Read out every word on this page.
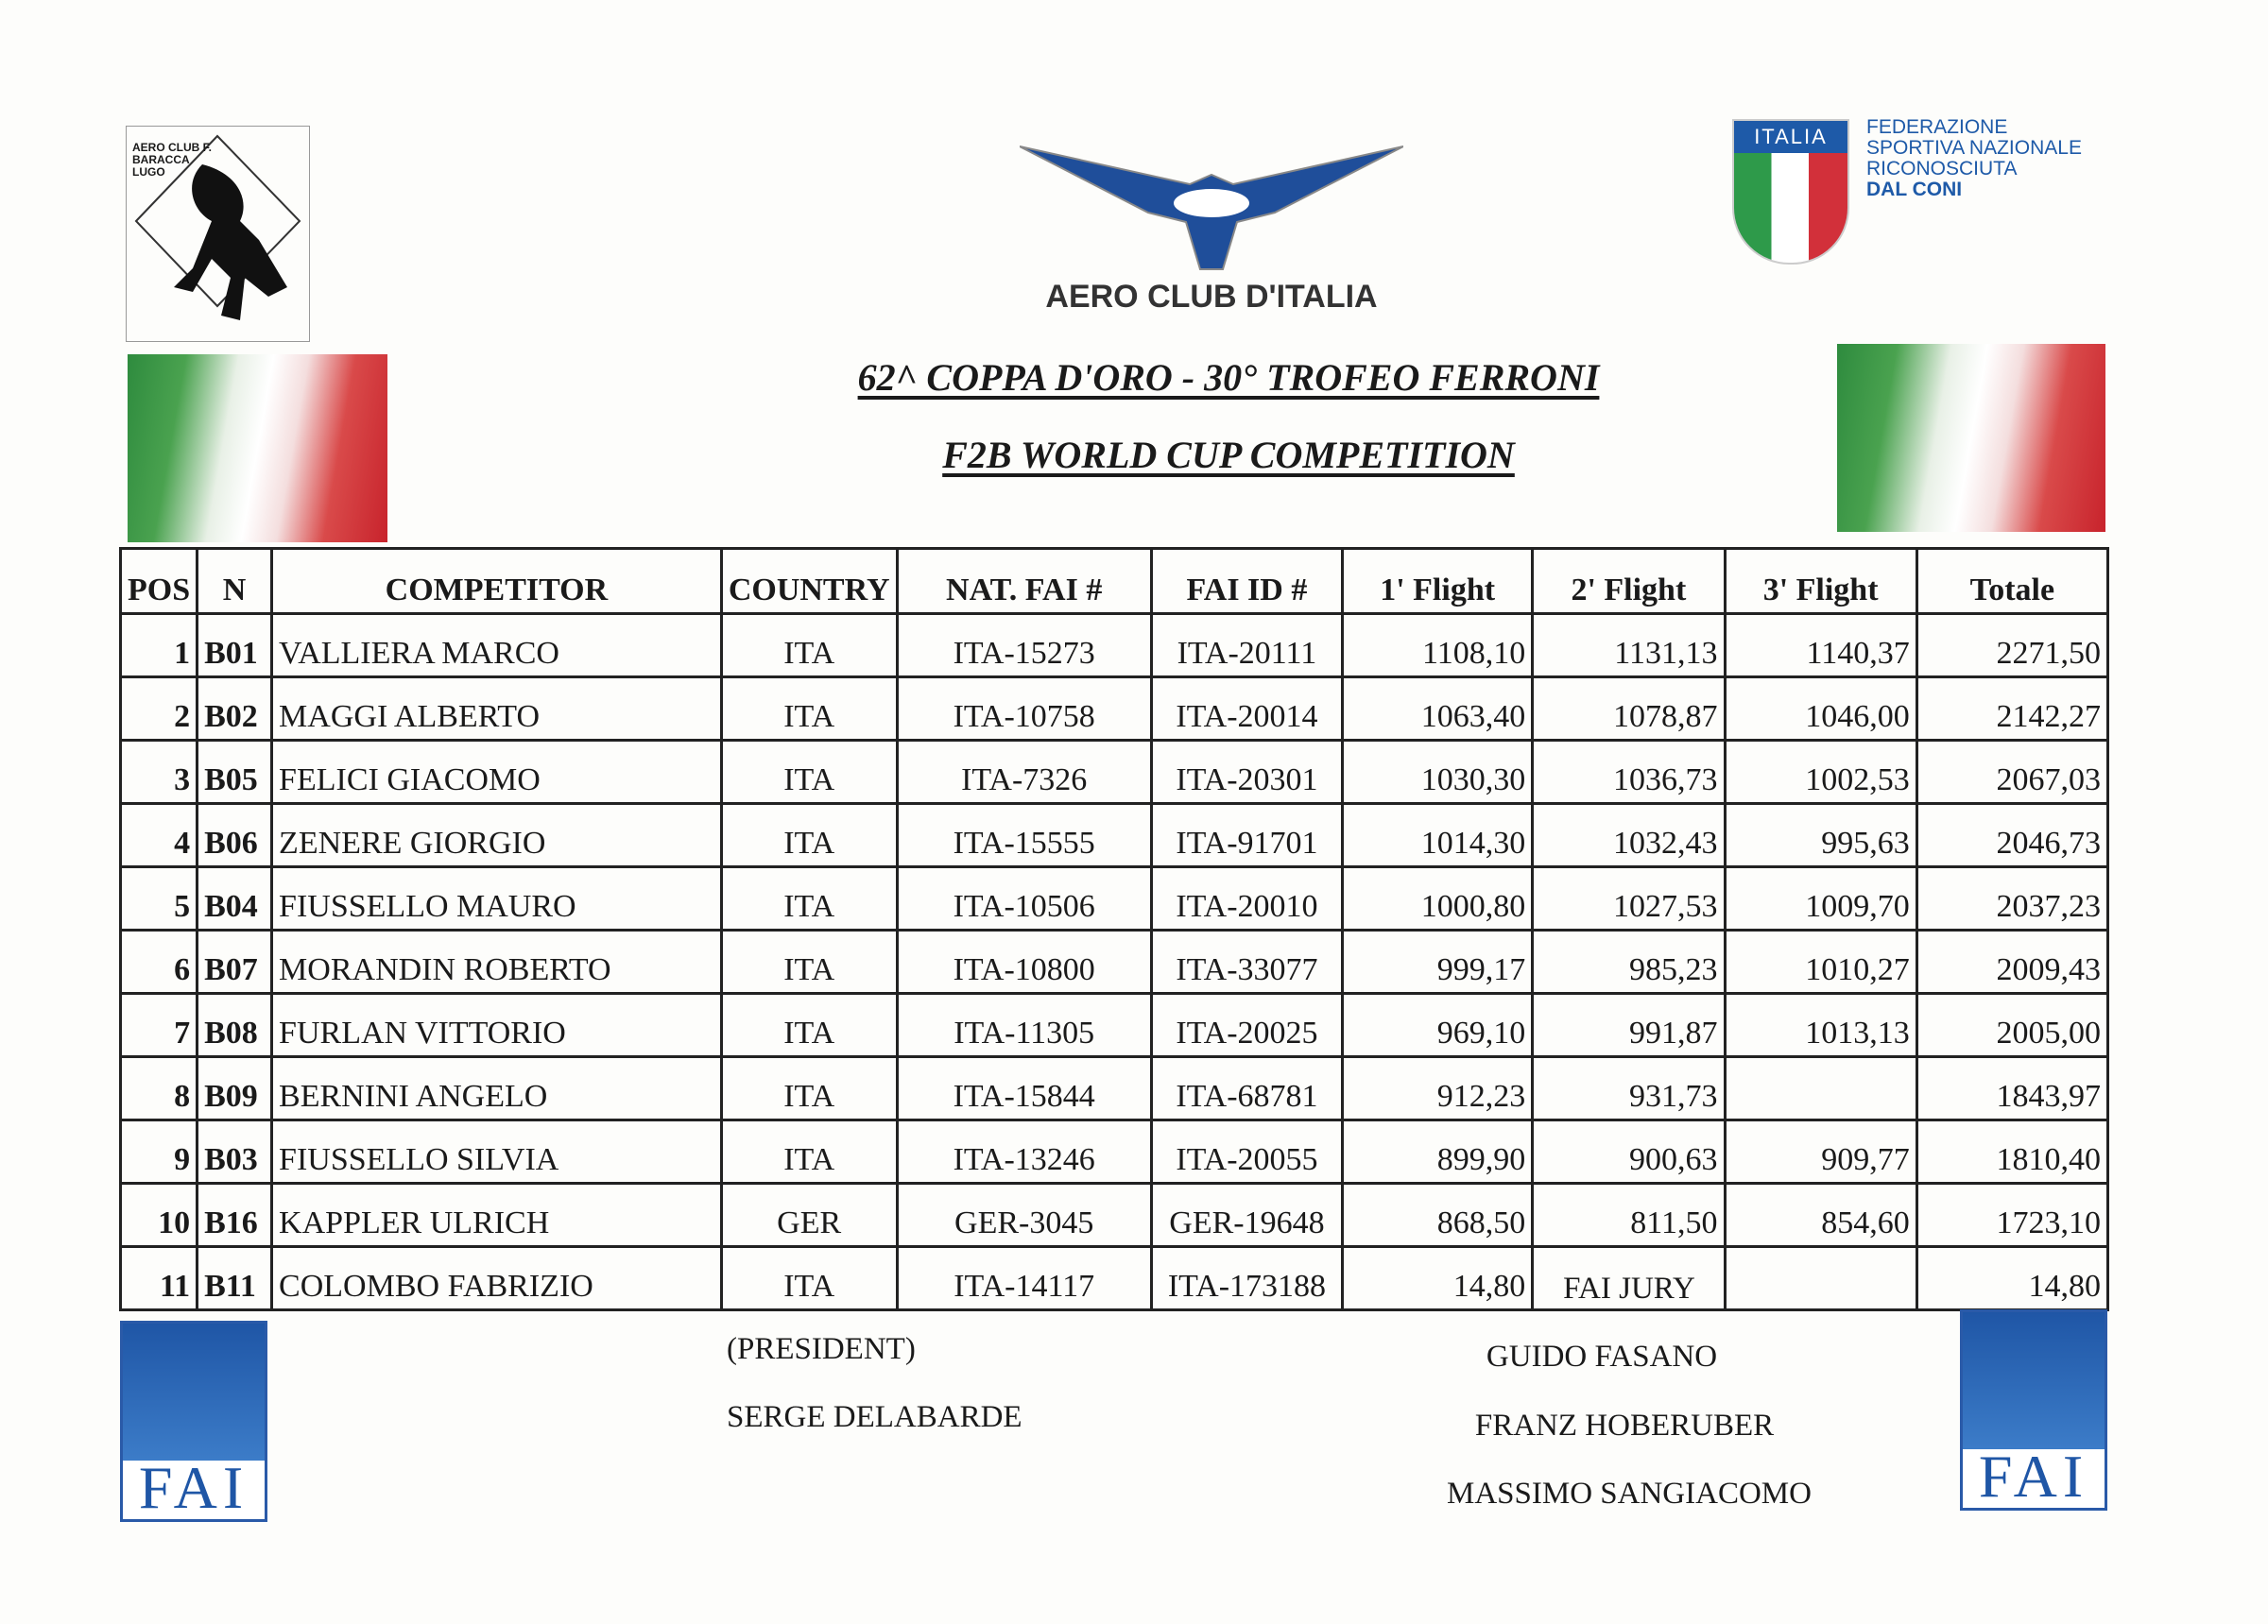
AERO CLUB F. BARACCA LUGO
AeCI
AERO CLUB D'ITALIA
ITALIA	FEDERAZIONE
SPORTIVA NAZIONALE
RICONOSCIUTA
DAL CONI
62^ COPPA D'ORO - 30° TROFEO FERRONI
F2B WORLD CUP COMPETITION
POS	N	COMPETITOR	COUNTRY	NAT. FAI #	FAI ID #	1' Flight	2' Flight	3' Flight	Totale
1	B01	VALLIERA MARCO	ITA	ITA-15273	ITA-20111	1108,10	1131,13	1140,37	2271,50
2	B02	MAGGI ALBERTO	ITA	ITA-10758	ITA-20014	1063,40	1078,87	1046,00	2142,27
3	B05	FELICI GIACOMO	ITA	ITA-7326	ITA-20301	1030,30	1036,73	1002,53	2067,03
4	B06	ZENERE GIORGIO	ITA	ITA-15555	ITA-91701	1014,30	1032,43	995,63	2046,73
5	B04	FIUSSELLO MAURO	ITA	ITA-10506	ITA-20010	1000,80	1027,53	1009,70	2037,23
6	B07	MORANDIN ROBERTO	ITA	ITA-10800	ITA-33077	999,17	985,23	1010,27	2009,43
7	B08	FURLAN VITTORIO	ITA	ITA-11305	ITA-20025	969,10	991,87	1013,13	2005,00
8	B09	BERNINI ANGELO	ITA	ITA-15844	ITA-68781	912,23	931,73		1843,97
9	B03	FIUSSELLO SILVIA	ITA	ITA-13246	ITA-20055	899,90	900,63	909,77	1810,40
10	B16	KAPPLER ULRICH	GER	GER-3045	GER-19648	868,50	811,50	854,60	1723,10
11	B11	COLOMBO FABRIZIO	ITA	ITA-14117	ITA-173188	14,80			14,80
FAI	FAI
(PRESIDENT)
SERGE DELABARDE
FAI JURY
GUIDO FASANO
FRANZ HOBERUBER
MASSIMO SANGIACOMO
